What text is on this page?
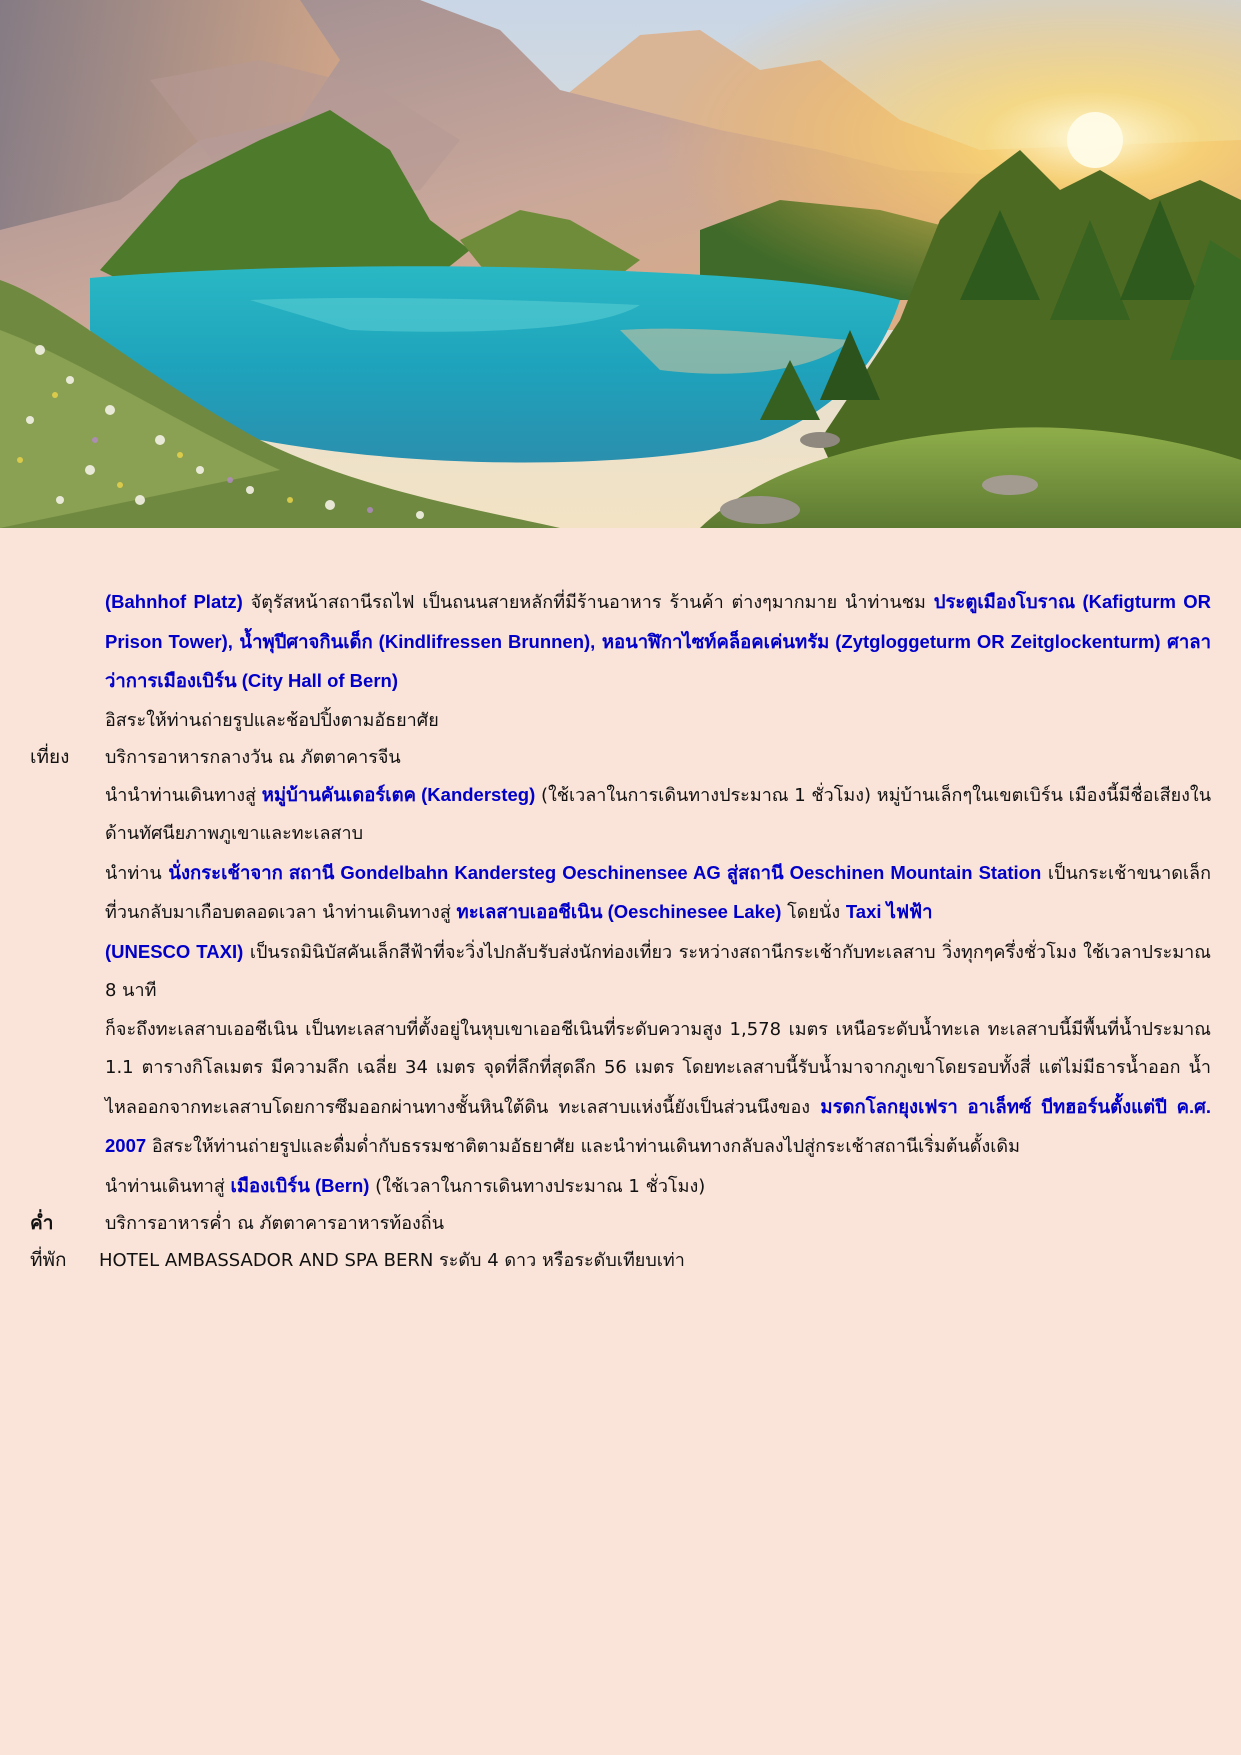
(Bahnhof Platz) จัตุรัสหน้าสถานีรถไฟ เป็นถนนสายหลักที่มีร้านอาหาร ร้านค้า ต่างๆมากมาย นำท่านชม ประตูเมืองโบราณ (Kafigturm OR Prison Tower), น้ำพุปีศาจกินเด็ก (Kindlifressen Brunnen), หอนาฬิกาไซท์คล็อคเค่นทรัม (Zytgloggeturm OR Zeitglockenturm) ศาลาว่าการเมืองเบิร์น (City Hall of Bern)
อิสระให้ท่านถ่ายรูปและช้อปปิ้งตามอัธยาศัย
เที่ยง บริการอาหารกลางวัน ณ ภัตตาคารจีน
นำนำท่านเดินทางสู่ หมู่บ้านคันเดอร์เตค (Kandersteg) (ใช้เวลาในการเดินทางประมาณ 1 ชั่วโมง) หมู่บ้านเล็กๆในเขตเบิร์น เมืองนี้มีชื่อเสียงในด้านทัศนียภาพภูเขาและทะเลสาบ
นำท่าน นั่งกระเช้าจาก สถานี Gondelbahn Kandersteg Oeschinensee AG สู่สถานี Oeschinen Mountain Station เป็นกระเช้าขนาดเล็กที่วนกลับมาเกือบตลอดเวลา นำท่านเดินทางสู่ ทะเลสาบเออชีเนิน (Oeschinesee Lake) โดยนั่ง Taxi ไฟฟ้า
(UNESCO TAXI) เป็นรถมินิบัสคันเล็กสีฟ้าที่จะวิ่งไปกลับรับส่งนักท่องเที่ยว ระหว่างสถานีกระเช้ากับทะเลสาบ วิ่งทุกๆครึ่งชั่วโมง ใช้เวลาประมาณ 8 นาที
ก็จะถึงทะเลสาบเออชีเนิน เป็นทะเลสาบที่ตั้งอยู่ในหุบเขาเออชีเนินที่ระดับความสูง 1,578 เมตร เหนือระดับน้ำทะเล ทะเลสาบนี้มีพื้นที่น้ำประมาณ 1.1 ตารางกิโลเมตร มีความลึก เฉลี่ย 34 เมตร จุดที่ลึกที่สุดลึก 56 เมตร โดยทะเลสาบนี้รับน้ำมาจากภูเขาโดยรอบทั้งสี่ แต่ไม่มีธารน้ำออก น้ำไหลออกจากทะเลสาบโดยการซึมออกผ่านทางชั้นหินใต้ดิน ทะเลสาบแห่งนี้ยังเป็นส่วนนึงของ มรดกโลกยุงเฟรา อาเล็ทซ์ บีทฮอร์นตั้งแต่ปี ค.ศ. 2007 อิสระให้ท่านถ่ายรูปและดื่มด่ำกับธรรมชาติตามอัธยาศัย และนำท่านเดินทางกลับลงไปสู่กระเช้าสถานีเริ่มต้นดั้งเดิม
นำท่านเดินทาสู่ เมืองเบิร์น (Bern) (ใช้เวลาในการเดินทางประมาณ 1 ชั่วโมง)
ค่ำ	บริการอาหารค่ำ ณ ภัตตาคารอาหารท้องถิ่น
ที่พัก HOTEL AMBASSADOR AND SPA BERN ระดับ 4 ดาว หรือระดับเทียบเท่า
